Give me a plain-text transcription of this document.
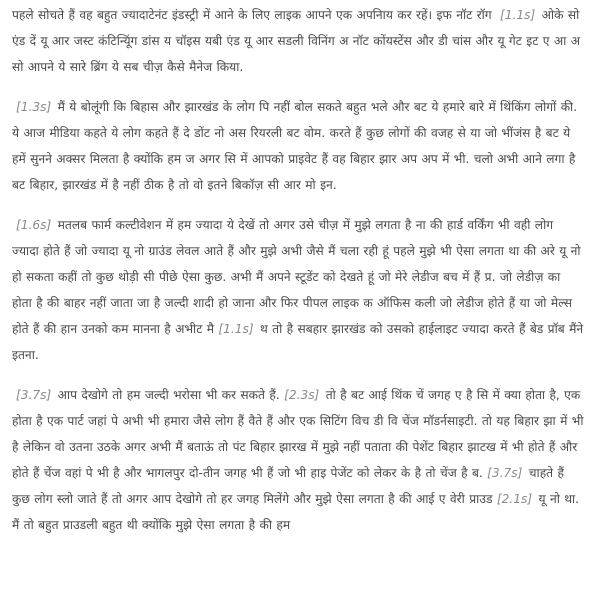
पहले सोचते हैं वह बहुत ज्यादाटेनंट इंडस्ट्री में आने के लिए लाइक आपने एक अपनिाय कर रहें। इफ नॉट रॉग [1.1s] ओके सो एंड दें यू आर जस्ट कंटिन्यूिंग डांस य चॉइस यबी एंड यू आर सडली विनिंग अ नॉट कोंयस्टेंस और डी चांस और यू गेट इट ए आ अ सो आपने ये सारे ब्रिंग ये सब चीज़ कैसे मैनेज किया.

[1.3s] मैं ये बोलूंगी कि बिहास और झारखंड के लोग पि नहीं बोल सकते बहुत भले और बट ये हमारे बारे में थिंकिंग लोगों की. ये आज मीडिया कहते ये लोग कहते हैं दे डोंट नो अस रियरली बट वोम. करते हैं कुछ लोगों की वजह से या जो भींजंस है बट ये हमें सुनने अक्सर मिलता है क्योंकि हम ज अगर सि में आपको प्राइवेट हैं वह बिहार झार अप अप में भी. चलो अभी आने लगा है बट बिहार, झारखंड में है नहीं ठीक है तो वो इतने बिकॉज़ सी आर मो इन.

[1.6s] मतलब फार्म कल्टीवेशन में हम ज्यादा ये देखें तो अगर उसे चीज़ में मुझे लगता है ना की हार्ड वर्किंग भी वही लोग ज्यादा होते हैं जो ज्यादा यू नो ग्राउंड लेवल आते हैं और मुझे अभी जैसे मैं चला रही हूं पहले मुझे भी ऐसा लगता था की अरे यू नो हो सकता कहीं तो कुछ थोड़ी सी पीछे ऐसा कुछ. अभी मैं अपने स्टूडेंट को देखते हूं जो मेरे लेडीज बच में हैं प्र. जो लेडीज़ का होता है की बाहर नहीं जाता जा है जल्दी शादी हो जाना और फिर पीपल लाइक क ऑफिस कली जो लेडीज होते हैं या जो मेल्स होते हैं की हान उनको कम मानना है अभीट मै [1.1s] थ तो है सबहार झारखंड को उसको हाईलाइट ज्यादा करते हैं बेड प्रॉब मैंने इतना.

[3.7s] आप देखोगे तो हम जल्दी भरोसा भी कर सकते हैं. [2.3s] तो है बट आई थिंक चें जगह ए है सि में क्या होता है, एक होता है एक पार्ट जहां पे अभी भी हमारा जैसे लोग हैं वैते हैं और एक सिटिंग विच डी वि चेंज मॉडर्नसाइटी. तो यह बिहार झा में भी है लेकिन वो उतना उठके अगर अभी मैं बताऊं तो पंट बिहार झारख में मुझे नहीं पताता की पेशेंट बिहार झाटख में भी होते हैं और होते हैं चेंज वहां पे भी है और भागलपुर दो-तीन जगह भी हैं जो भी हाइ पेजेंट को लेकर के है तो चेंज है ब. [3.7s] चाहते हैं कुछ लोग स्लो जाते हैं तो अगर आप देखोगे तो हर जगह मिलेंगे और मुझे ऐसा लगता है की आई ए वेरी प्राउड [2.1s] यू नो था. मैं तो बहुत प्राउडली बहुत थी क्योंकि मुझे ऐसा लगता है की हम
